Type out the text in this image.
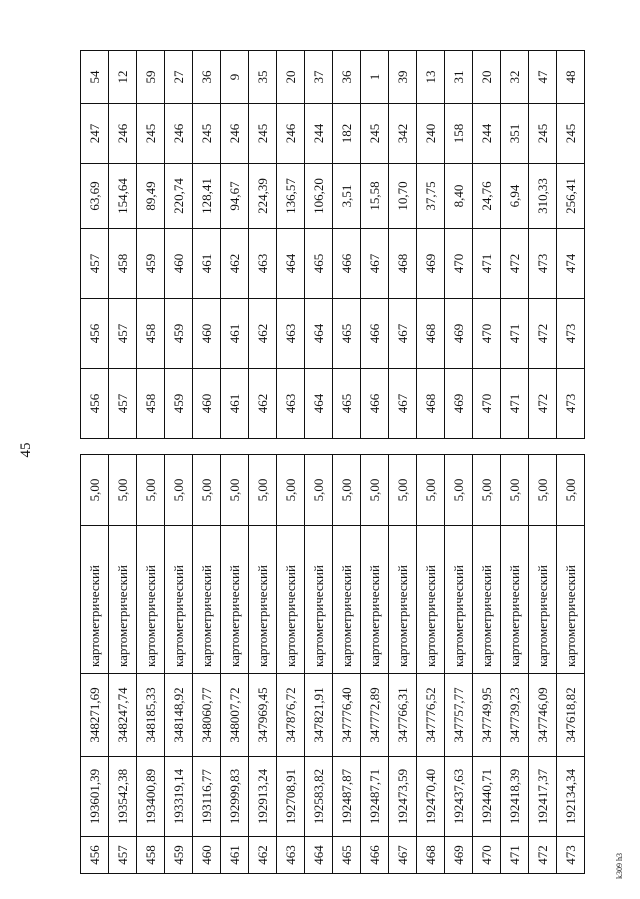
45
456	193601,39	348271,69	картометрический	5,00
457	193542,38	348247,74	картометрический	5,00
458	193400,89	348185,33	картометрический	5,00
459	193319,14	348148,92	картометрический	5,00
460	193116,77	348060,77	картометрический	5,00
461	192999,83	348007,72	картометрический	5,00
462	192913,24	347969,45	картометрический	5,00
463	192708,91	347876,72	картометрический	5,00
464	192583,82	347821,91	картометрический	5,00
465	192487,87	347776,40	картометрический	5,00
466	192487,71	347772,89	картометрический	5,00
467	192473,59	347766,31	картометрический	5,00
468	192470,40	347776,52	картометрический	5,00
469	192437,63	347757,77	картометрический	5,00
470	192440,71	347749,95	картометрический	5,00
471	192418,39	347739,23	картометрический	5,00
472	192417,37	347746,09	картометрический	5,00
473	192134,34	347618,82	картометрический	5,00
456	456	457	63,69	247	54
457	457	458	154,64	246	12
458	458	459	89,49	245	59
459	459	460	220,74	246	27
460	460	461	128,41	245	36
461	461	462	94,67	246	9
462	462	463	224,39	245	35
463	463	464	136,57	246	20
464	464	465	106,20	244	37
465	465	466	3,51	182	36
466	466	467	15,58	245	1
467	467	468	10,70	342	39
468	468	469	37,75	240	13
469	469	470	8,40	158	31
470	470	471	24,76	244	20
471	471	472	6,94	351	32
472	472	473	310,33	245	47
473	473	474	256,41	245	48
k309 h3
